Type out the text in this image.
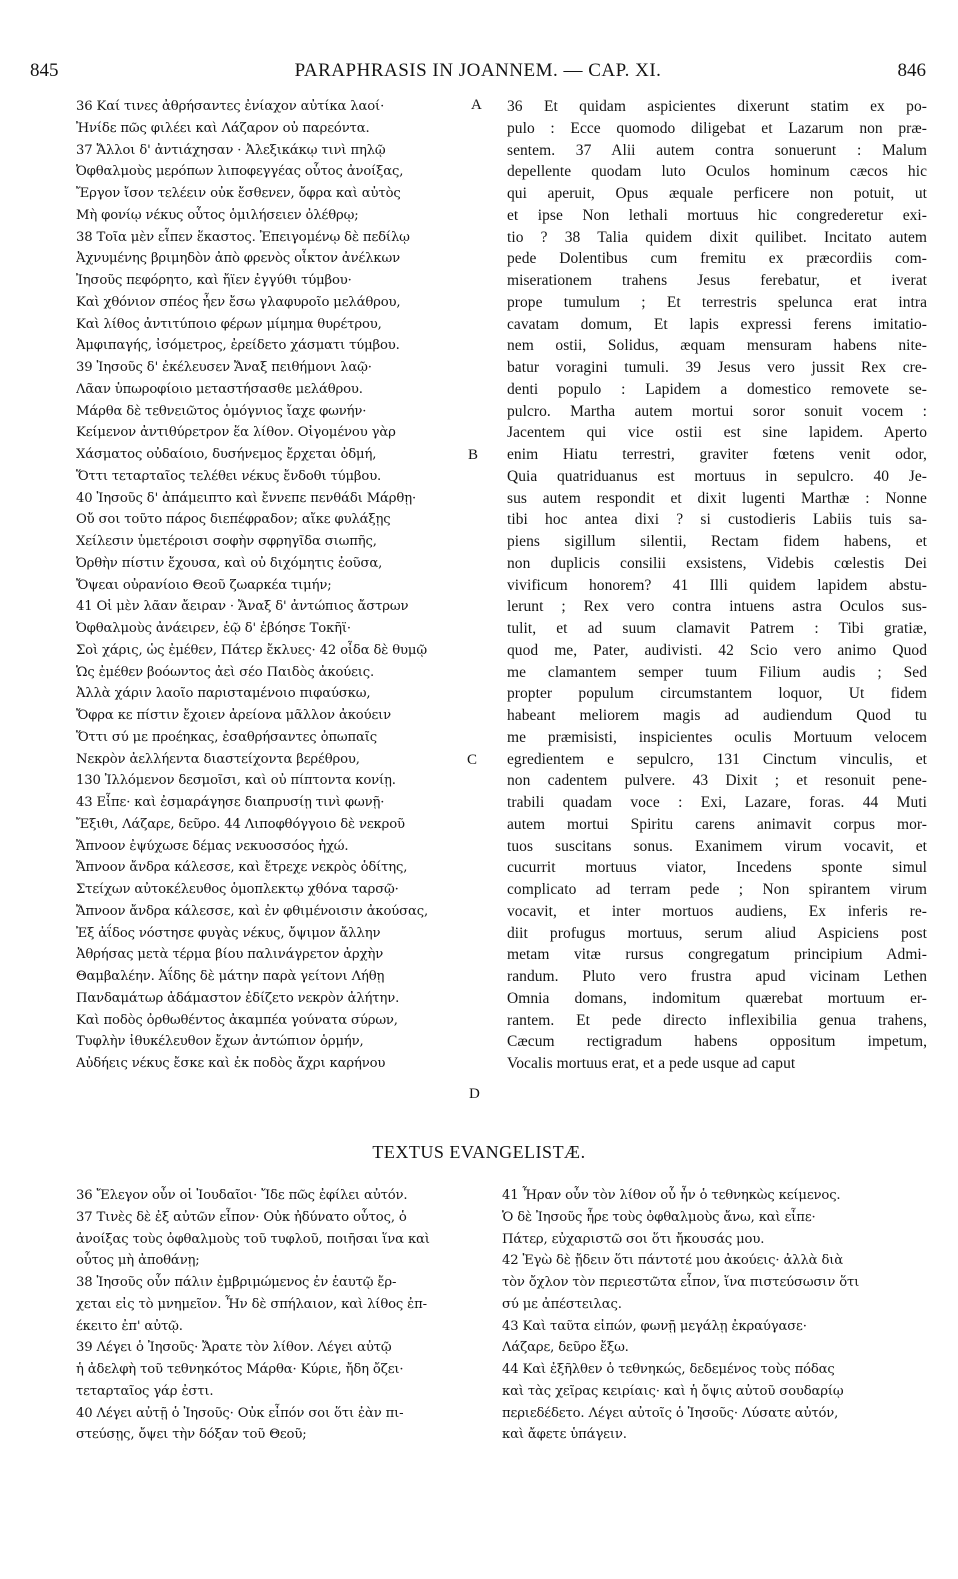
845	PARAPHRASIS IN JOANNEM. — CAP. XI.	846
A
B
C
D
36 Καί τινες ἀθρήσαντες ἐνίαχον αὐτίκα λαοί·
Ἠνίδε πῶς φιλέει καὶ Λάζαρον οὐ παρεόντα.
37 Ἄλλοι δ' ἀντιάχησαν · Ἀλεξικάκῳ τινὶ πηλῷ
Ὀφθαλμοὺς μερόπων λιποφεγγέας οὗτος ἀνοίξας,
Ἔργον ἴσον τελέειν οὐκ ἔσθενεν, ὄφρα καὶ αὐτὸς
Μὴ φονίῳ νέκυς οὗτος ὁμιλήσειεν ὀλέθρῳ;
38 Τοῖα μὲν εἶπεν ἕκαστος. Ἐπειγομένῳ δὲ πεδίλῳ
Ἀχνυμένης βριμηδὸν ἀπὸ φρενὸς οἶκτον ἀνέλκων
Ἰησοῦς πεφόρητο, καὶ ἤϊεν ἐγγύθι τύμβου·
Καὶ χθόνιον σπέος ἦεν ἔσω γλαφυροῖο μελάθρου,
Καὶ λίθος ἀντιτύποιο φέρων μίμημα θυρέτρου,
Ἀμφιπαγής, ἰσόμετρος, ἐρείδετο χάσματι τύμβου.
39 Ἰησοῦς δ' ἐκέλευσεν Ἄναξ πειθήμονι λαῷ·
Λᾶαν ὑπωροφίοιο μεταστήσασθε μελάθρου.
Μάρθα δὲ τεθνειῶτος ὁμόγνιος ἴαχε φωνήν·
Κείμενον ἀντιθύρετρον ἕα λίθον. Οἰγομένου γὰρ
Χάσματος οὐδαίοιο, δυσήνεμος ἔρχεται ὀδμή,
Ὅττι τεταρταῖος τελέθει νέκυς ἔνδοθι τύμβου.
40 Ἰησοῦς δ' ἀπάμειπτο καὶ ἔννεπε πενθάδι Μάρθῃ·
Οὔ σοι τοῦτο πάρος διεπέφραδον; αἴκε φυλάξῃς
Χείλεσιν ὑμετέροισι σοφὴν σφρηγῖδα σιωπῆς,
Ὀρθὴν πίστιν ἔχουσα, καὶ οὐ διχόμητις ἐοῦσα,
Ὄψεαι οὐρανίοιο Θεοῦ ζωαρκέα τιμήν;
41 Οἱ μὲν λᾶαν ἄειραν · Ἄναξ δ' ἀντώπιος ἄστρων
Ὀφθαλμοὺς ἀνάειρεν, ἑῷ δ' ἐβόησε Τοκῆϊ·
Σοὶ χάρις, ὡς ἐμέθεν, Πάτερ ἔκλυες· 42 οἶδα δὲ θυμῷ
Ὡς ἐμέθεν βοόωντος ἀεὶ σέο Παιδὸς ἀκούεις.
Ἀλλὰ χάριν λαοῖο παρισταμένοιο πιφαύσκω,
Ὄφρα κε πίστιν ἔχοιεν ἀρείονα μᾶλλον ἀκούειν
Ὅττι σύ με προέηκας, ἐσαθρήσαντες ὀπωπαῖς
Νεκρὸν ἀελλήεντα διαστείχοντα βερέθρου,
130 Ἰλλόμενον δεσμοῖσι, καὶ οὐ πίπτοντα κονίῃ.
43 Εἶπε· καὶ ἐσμαράγησε διαπρυσίῃ τινὶ φωνῇ·
Ἔξιθι, Λάζαρε, δεῦρο. 44 Λιποφθόγγοιο δὲ νεκροῦ
Ἄπνοον ἐψύχωσε δέμας νεκυοσσόος ἠχώ.
Ἄπνοον ἄνδρα κάλεσσε, καὶ ἔτρεχε νεκρὸς ὁδίτης,
Στείχων αὐτοκέλευθος ὁμοπλεκτῳ χθόνα ταρσῷ·
Ἄπνοον ἄνδρα κάλεσσε, καὶ ἐν φθιμένοισιν ἀκούσας,
Ἐξ ἀΐδος νόστησε φυγὰς νέκυς, ὄψιμον ἄλλην
Ἀθρήσας μετὰ τέρμα βίου παλινάγρετον ἀρχὴν
Θαμβαλέην. Ἀΐδης δὲ μάτην παρὰ γείτονι Λήθῃ
Πανδαμάτωρ ἀδάμαστον ἐδίζετο νεκρὸν ἀλήτην.
Καὶ ποδὸς ὀρθωθέντος ἀκαμπέα γούνατα σύρων,
Τυφλὴν ἰθυκέλευθον ἔχων ἀντώπιον ὁρμήν,
Αὐδήεις νέκυς ἔσκε καὶ ἐκ ποδὸς ἄχρι καρήνου
36 Et quidam aspicientes dixerunt statim ex po-
pulo : Ecce quomodo diligebat et Lazarum non præ-
sentem. 37 Alii autem contra sonuerunt : Malum
depellente quodam luto Oculos hominum cæcos hic
qui aperuit, Opus æquale perficere non potuit, ut
et ipse Non lethali mortuus hic congrederetur exi-
tio ? 38 Talia quidem dixit quilibet. Incitato autem
pede Dolentibus cum fremitu ex præcordiis com-
miserationem trahens Jesus ferebatur, et iverat
prope tumulum ; Et terrestris spelunca erat intra
cavatam domum, Et lapis expressi ferens imitatio-
nem ostii, Solidus, æquam mensuram habens nite-
batur voragini tumuli. 39 Jesus vero jussit Rex cre-
denti populo : Lapidem a domestico removete se-
pulcro. Martha autem mortui soror sonuit vocem :
Jacentem qui vice ostii est sine lapidem. Aperto
enim Hiatu terrestri, graviter fœtens venit odor,
Quia quatriduanus est mortuus in sepulcro. 40 Je-
sus autem respondit et dixit lugenti Marthæ : Nonne
tibi hoc antea dixi ? si custodieris Labiis tuis sa-
piens sigillum silentii, Rectam fidem habens, et
non duplicis consilii exsistens, Videbis cœlestis Dei
vivificum honorem? 41 Illi quidem lapidem abstu-
lerunt ; Rex vero contra intuens astra Oculos sus-
tulit, et ad suum clamavit Patrem : Tibi gratiæ,
quod me, Pater, audivisti. 42 Scio vero animo Quod
me clamantem semper tuum Filium audis ; Sed
propter populum circumstantem loquor, Ut fidem
habeant meliorem magis ad audiendum Quod tu
me præmisisti, inspicientes oculis Mortuum velocem
egredientem e sepulcro, 131 Cinctum vinculis, et
non cadentem pulvere. 43 Dixit ; et resonuit pene-
trabili quadam voce : Exi, Lazare, foras. 44 Muti
autem mortui Spiritu carens animavit corpus mor-
tuos suscitans sonus. Exanimem virum vocavit, et
cucurrit mortuus viator, Incedens sponte simul
complicato ad terram pede ; Non spirantem virum
vocavit, et inter mortuos audiens, Ex inferis re-
diit profugus mortuus, serum aliud Aspiciens post
metam vitæ rursus congregatum principium Admi-
randum. Pluto vero frustra apud vicinam Lethen
Omnia domans, indomitum quærebat mortuum er-
rantem. Et pede directo inflexibilia genua trahens,
Cæcum rectigradum habens oppositum impetum,
Vocalis mortuus erat, et a pede usque ad caput
TEXTUS EVANGELISTÆ.
36 Ἔλεγον οὖν οἱ Ἰουδαῖοι· Ἴδε πῶς ἐφίλει αὐτόν.
37 Τινὲς δὲ ἐξ αὐτῶν εἶπον· Οὐκ ἠδύνατο οὗτος, ὁ
ἀνοίξας τοὺς ὀφθαλμοὺς τοῦ τυφλοῦ, ποιῆσαι ἵνα καὶ
οὗτος μὴ ἀποθάνῃ;
38 Ἰησοῦς οὖν πάλιν ἐμβριμώμενος ἐν ἑαυτῷ ἔρ-
χεται εἰς τὸ μνημεῖον. Ἦν δὲ σπήλαιον, καὶ λίθος ἐπ-
έκειτο ἐπ' αὐτῷ.
39 Λέγει ὁ Ἰησοῦς· Ἄρατε τὸν λίθον. Λέγει αὐτῷ
ἡ ἀδελφὴ τοῦ τεθνηκότος Μάρθα· Κύριε, ἤδη ὄζει·
τεταρταῖος γάρ ἐστι.
40 Λέγει αὐτῇ ὁ Ἰησοῦς· Οὐκ εἶπόν σοι ὅτι ἐὰν πι-
στεύσῃς, ὄψει τὴν δόξαν τοῦ Θεοῦ;
41 Ἦραν οὖν τὸν λίθον οὗ ἦν ὁ τεθνηκὼς κείμενος.
Ὁ δὲ Ἰησοῦς ἦρε τοὺς ὀφθαλμοὺς ἄνω, καὶ εἶπε·
Πάτερ, εὐχαριστῶ σοι ὅτι ἤκουσάς μου.
42 Ἐγὼ δὲ ᾔδειν ὅτι πάντοτέ μου ἀκούεις· ἀλλὰ διὰ
τὸν ὄχλον τὸν περιεστῶτα εἶπον, ἵνα πιστεύσωσιν ὅτι
σύ με ἀπέστειλας.
43 Καὶ ταῦτα εἰπών, φωνῇ μεγάλῃ ἐκραύγασε·
Λάζαρε, δεῦρο ἔξω.
44 Καὶ ἐξῆλθεν ὁ τεθνηκώς, δεδεμένος τοὺς πόδας
καὶ τὰς χεῖρας κειρίαις· καὶ ἡ ὄψις αὐτοῦ σουδαρίῳ
περιεδέδετο. Λέγει αὐτοῖς ὁ Ἰησοῦς· Λύσατε αὐτόν,
καὶ ἄφετε ὑπάγειν.
